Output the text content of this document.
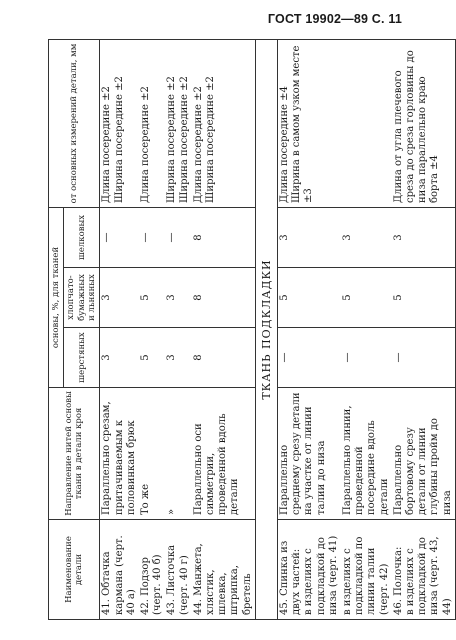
ГОСТ 19902—89 С. 11
Наименование детали	Направление нитей основы ткани в детали кроя	основы, %, для тканей			от основных измерений детали, мм
		шерстяных	хлопчато-бумажных и льняных	шелковых	
41. Обтачка кармана (черт. 40 а)	Параллельно срезам, притачиваемым к половинкам брюк	3	3	—	Длина посередине ±2
Ширина посередине ±2
42. Подзор (черт. 40 б)	То же	5	5	—	Длина посередине ±2
43. Листочка (черт. 40 г)	»	3	3	—	Ширина посередине ±2
Ширина посередине ±2
44. Манжета, хлястик, шлевка, штрипка, бретель	Параллельно оси симметрии, проведенной вдоль детали	8	8	8	Длина посередине ±2
Ширина посередине ±2
ТКАНЬ ПОДКЛАДКИ					
45. Спинка из двух частей:
в изделиях с подкладкой до низа (черт. 41)	Параллельно среднему срезу детали на участке от линии талии до низа	—	5	3	Длина посередине ±4
Ширина в самом узком месте ±3
в изделиях с подкладкой по линии талии (черт. 42)	Параллельно линии, проведенной посередине вдоль детали	—	5	3	
46. Полочка:
в изделиях с подкладкой до низа (черт. 43, 44)	Параллельно бортовому срезу детали от линии глубины пройм до низа	—	5	3	Длина от угла плечевого среза до среза горловины до низа параллельно краю борта ±4
